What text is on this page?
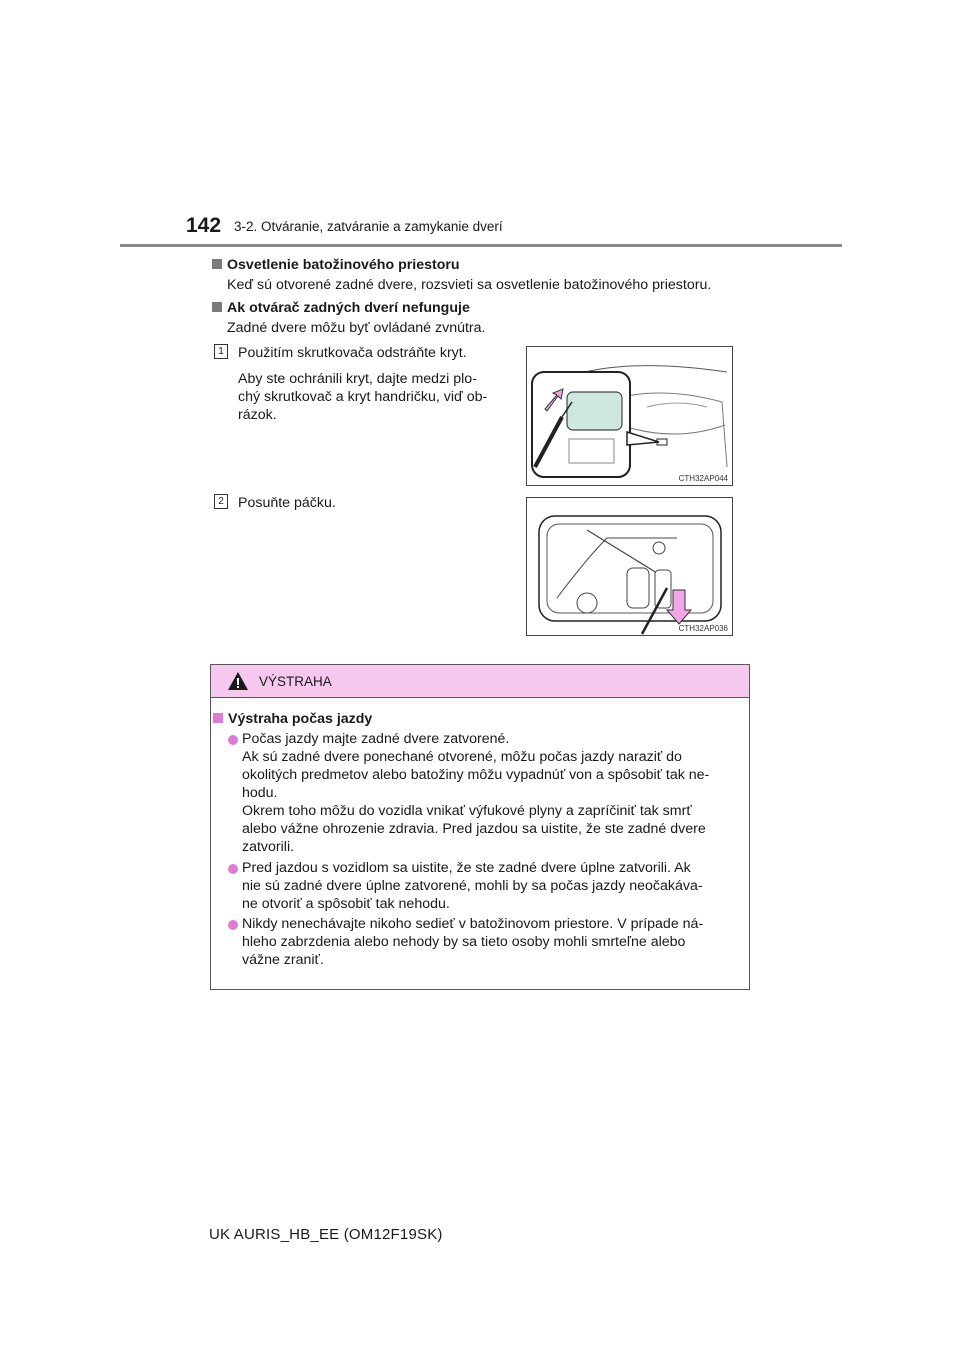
142 3-2. Otváranie, zatváranie a zamykanie dverí
Osvetlenie batožinového priestoru
Keď sú otvorené zadné dvere, rozsvieti sa osvetlenie batožinového priestoru.
Ak otvárač zadných dverí nefunguje
Zadné dvere môžu byť ovládané zvnútra.
1 Použitím skrutkovača odstráňte kryt.
Aby ste ochránili kryt, dajte medzi plo-
chý skrutkovač a kryt handričku, viď ob-
rázok.
CTH32AP044
2 Posuňte páčku.
CTH32AP036
VÝSTRAHA
Výstraha počas jazdy
Počas jazdy majte zadné dvere zatvorené.
Ak sú zadné dvere ponechané otvorené, môžu počas jazdy naraziť do
okolitých predmetov alebo batožiny môžu vypadnúť von a spôsobiť tak ne-
hodu.
Okrem toho môžu do vozidla vnikať výfukové plyny a zapríčiniť tak smrť
alebo vážne ohrozenie zdravia. Pred jazdou sa uistite, že ste zadné dvere
zatvorili.
Pred jazdou s vozidlom sa uistite, že ste zadné dvere úplne zatvorili. Ak
nie sú zadné dvere úplne zatvorené, mohli by sa počas jazdy neočakáva-
ne otvoriť a spôsobiť tak nehodu.
Nikdy nenechávajte nikoho sedieť v batožinovom priestore. V prípade ná-
hleho zabrzdenia alebo nehody by sa tieto osoby mohli smrteľne alebo
vážne zraniť.
UK AURIS_HB_EE (OM12F19SK)
